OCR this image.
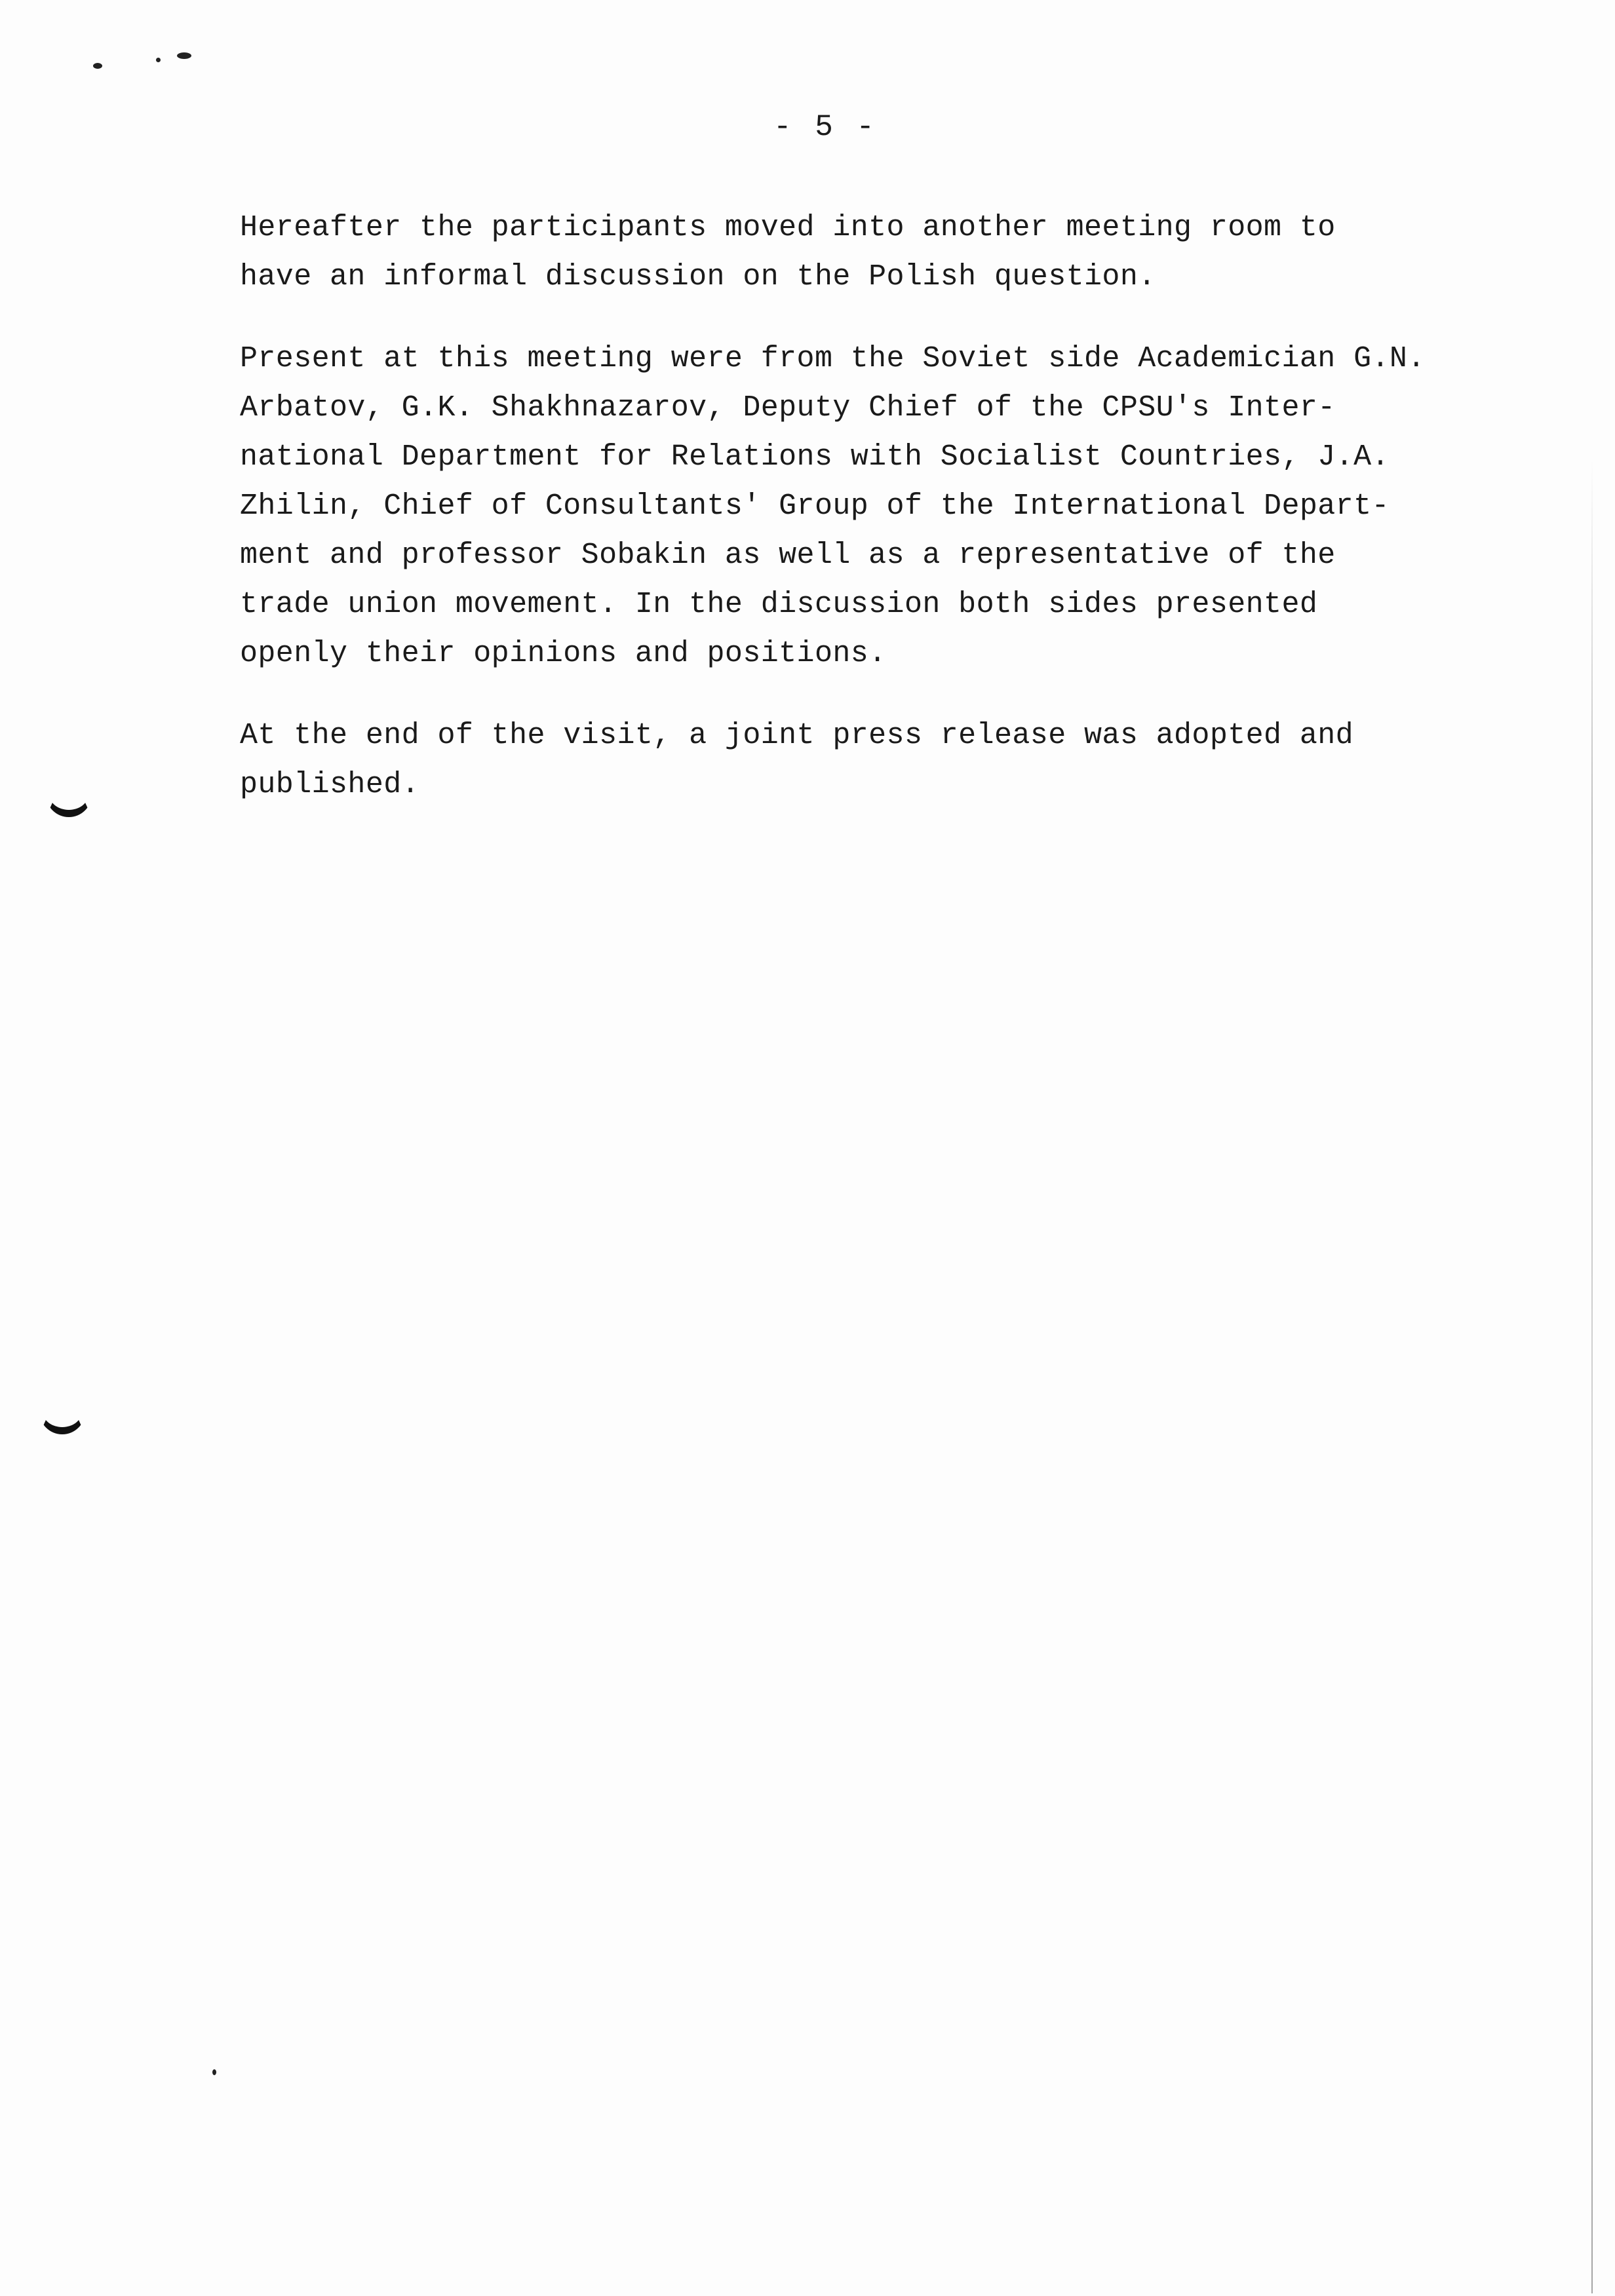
- 5 -
Hereafter the participants moved into another meeting room to
have an informal discussion on the Polish question.
Present at this meeting were from the Soviet side Academician G.N.
Arbatov, G.K. Shakhnazarov, Deputy Chief of the CPSU's Inter-
national Department for Relations with Socialist Countries, J.A.
Zhilin, Chief of Consultants' Group of the International Depart-
ment and professor Sobakin as well as a representative of the
trade union movement. In the discussion both sides presented
openly their opinions and positions.
At the end of the visit, a joint press release was adopted and
published.
